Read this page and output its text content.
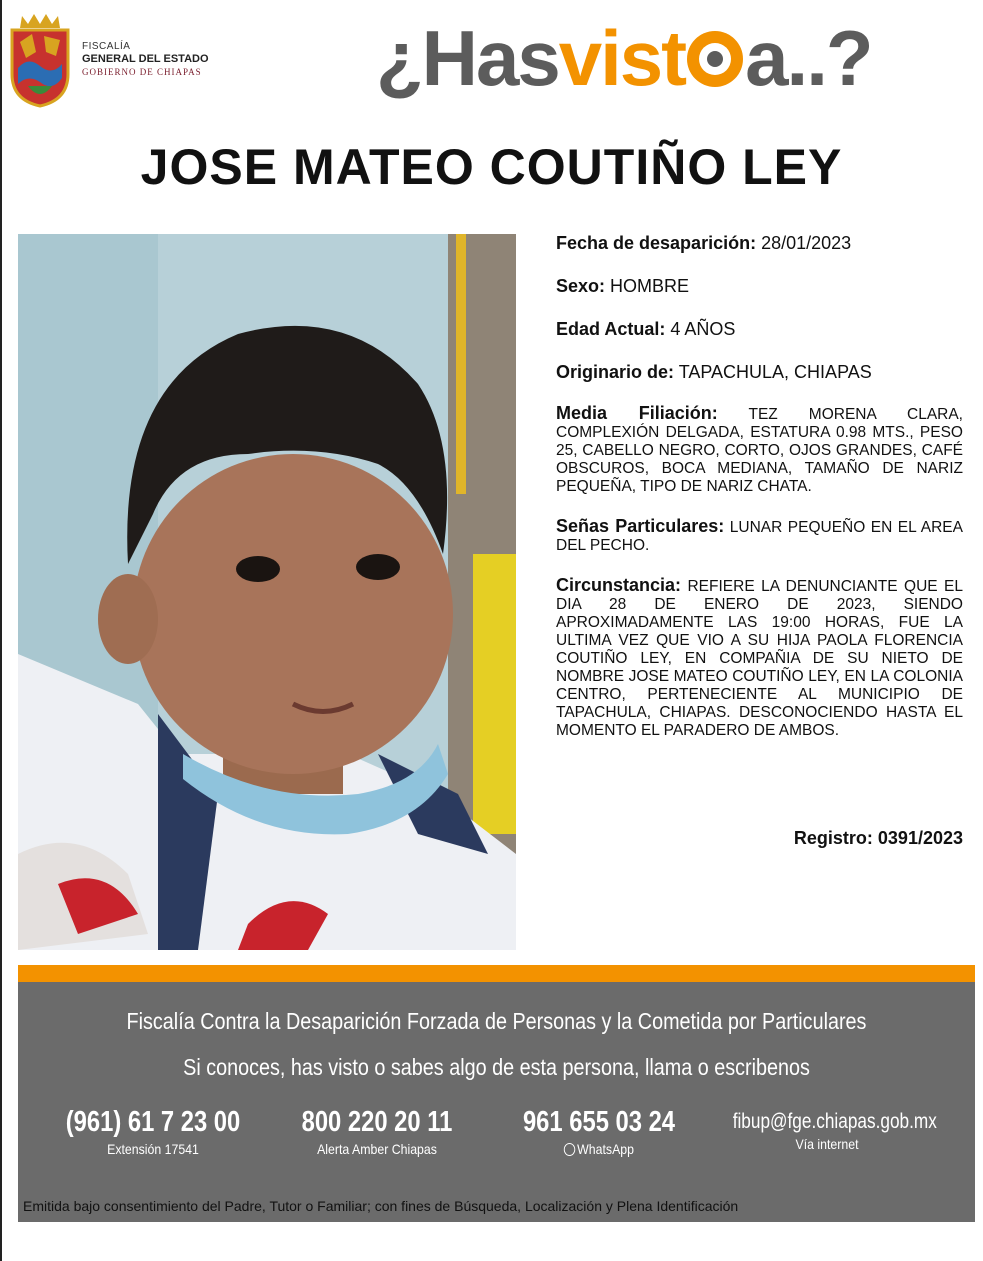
FISCALÍA
GENERAL DEL ESTADO
GOBIERNO DE CHIAPAS ¿Hasvist a..?
JOSE MATEO COUTIÑO LEY

Fecha de desaparición: 28/01/2023

Sexo: HOMBRE

Edad Actual: 4 AÑOS

Originario de: TAPACHULA, CHIAPAS

Media Filiación: TEZ MORENA CLARA, COMPLEXIÓN DELGADA, ESTATURA 0.98 MTS., PESO 25, CABELLO NEGRO, CORTO, OJOS GRANDES, CAFÉ OBSCUROS, BOCA MEDIANA, TAMAÑO DE NARIZ PEQUEÑA, TIPO DE NARIZ CHATA.

Señas Particulares: LUNAR PEQUEÑO EN EL AREA DEL PECHO.

Circunstancia: REFIERE LA DENUNCIANTE QUE EL DIA 28 DE ENERO DE 2023, SIENDO APROXIMADAMENTE LAS 19:00 HORAS, FUE LA ULTIMA VEZ QUE VIO A SU HIJA PAOLA FLORENCIA COUTIÑO LEY, EN COMPAÑIA DE SU NIETO DE NOMBRE JOSE MATEO COUTIÑO LEY, EN LA COLONIA CENTRO, PERTENECIENTE AL MUNICIPIO DE TAPACHULA, CHIAPAS. DESCONOCIENDO HASTA EL MOMENTO EL PARADERO DE AMBOS.

Registro: 0391/2023
Fiscalía Contra la Desaparición Forzada de Personas y la Cometida por Particulares
Si conoces, has visto o sabes algo de esta persona, llama o escribenos
(961) 61 7 23 00
Extensión 17541
800 220 20 11
Alerta Amber Chiapas
961 655 03 24
WhatsApp
fibup@fge.chiapas.gob.mx
Vía internet
Emitida bajo consentimiento del Padre, Tutor o Familiar; con fines de Búsqueda, Localización y Plena Identificación
